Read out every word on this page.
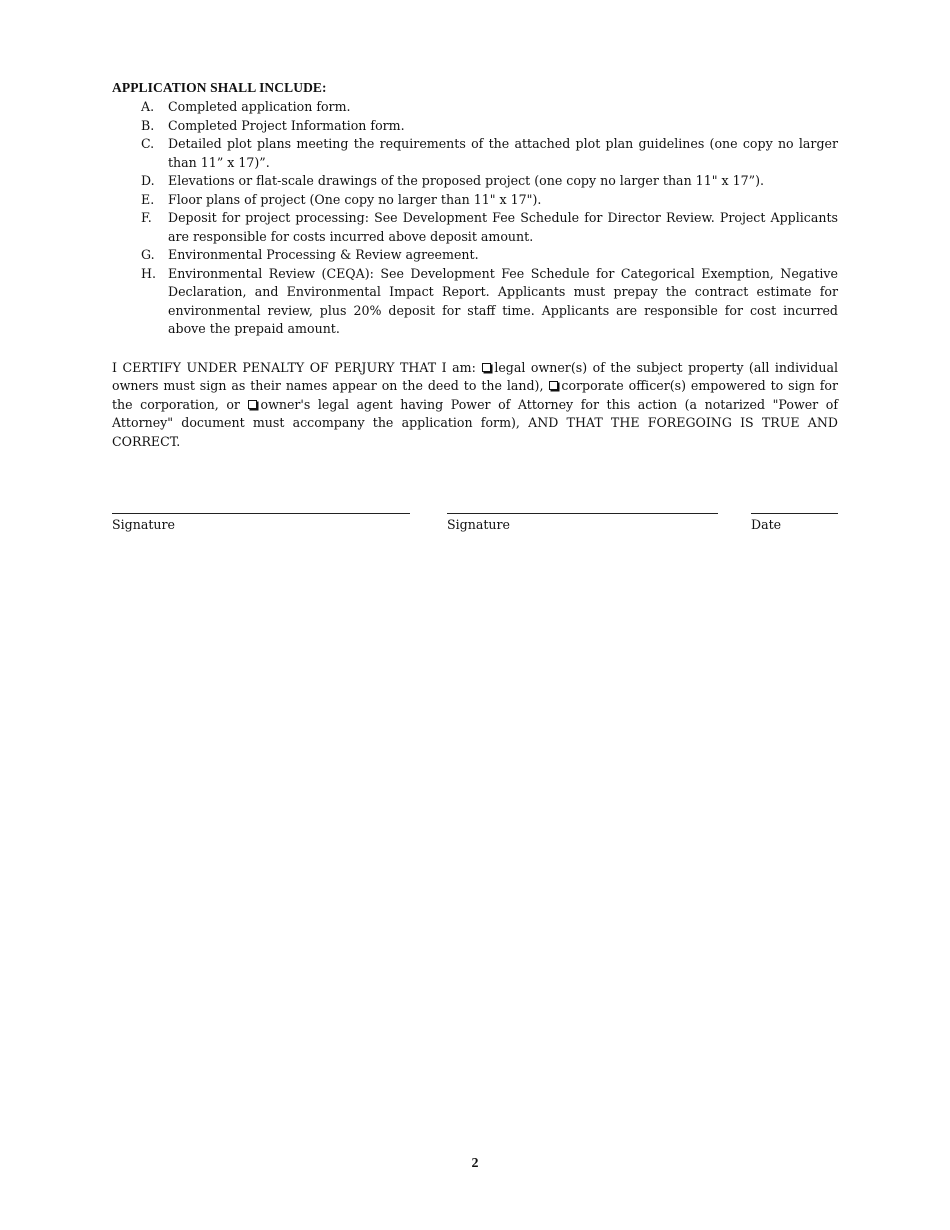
APPLICATION SHALL INCLUDE:
A.	Completed application form.
B.	Completed Project Information form.
C.	Detailed plot plans meeting the requirements of the attached plot plan guidelines (one copy no larger than 11” x 17)”.
D.	Elevations or flat-scale drawings of the proposed project (one copy no larger than 11" x 17”).
E.	Floor plans of project (One copy no larger than 11" x 17").
F.	Deposit for project processing: See Development Fee Schedule for Director Review. Project Applicants are responsible for costs incurred above deposit amount.
G.	Environmental Processing & Review agreement.
H. Environmental Review (CEQA): See Development Fee Schedule for Categorical Exemption, Negative Declaration, and Environmental Impact Report. Applicants must prepay the contract estimate for environmental review, plus 20% deposit for staff time. Applicants are responsible for cost incurred above the prepaid amount.

I CERTIFY UNDER PENALTY OF PERJURY THAT I am: legal owner(s) of the subject property (all individual owners must sign as their names appear on the deed to the land), corporate officer(s) empowered to sign for the corporation, or owner's legal agent having Power of Attorney for this action (a notarized "Power of Attorney" document must accompany the application form), AND THAT THE FOREGOING IS TRUE AND CORRECT.

Signature	Signature	Date
2
